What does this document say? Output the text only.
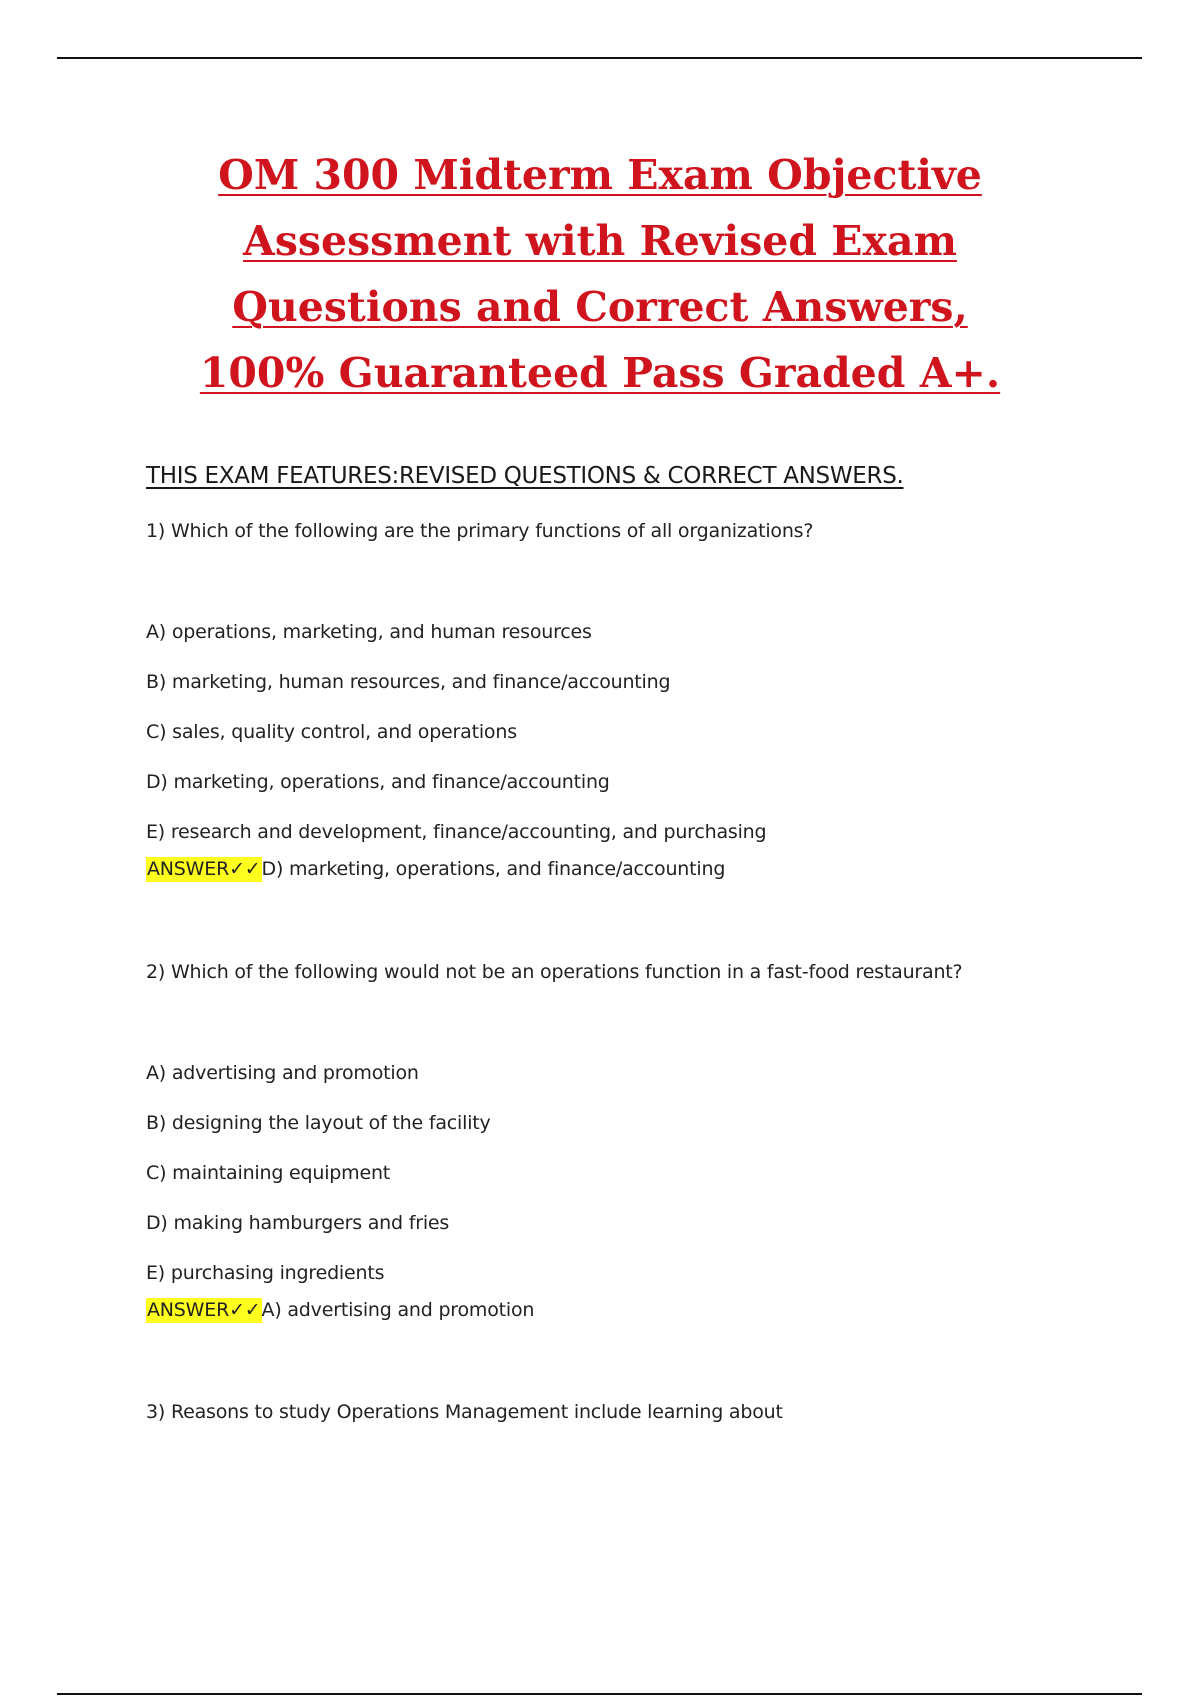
OM 300 Midterm Exam Objective
Assessment with Revised Exam
Questions and Correct Answers,
100% Guaranteed Pass Graded A+.
THIS EXAM FEATURES:REVISED QUESTIONS & CORRECT ANSWERS.
1) Which of the following are the primary functions of all organizations?
A) operations, marketing, and human resources
B) marketing, human resources, and finance/accounting
C) sales, quality control, and operations
D) marketing, operations, and finance/accounting
E) research and development, finance/accounting, and purchasing
ANSWER✓✓D) marketing, operations, and finance/accounting
2) Which of the following would not be an operations function in a fast-food restaurant?
A) advertising and promotion
B) designing the layout of the facility
C) maintaining equipment
D) making hamburgers and fries
E) purchasing ingredients
ANSWER✓✓A) advertising and promotion
3) Reasons to study Operations Management include learning about
